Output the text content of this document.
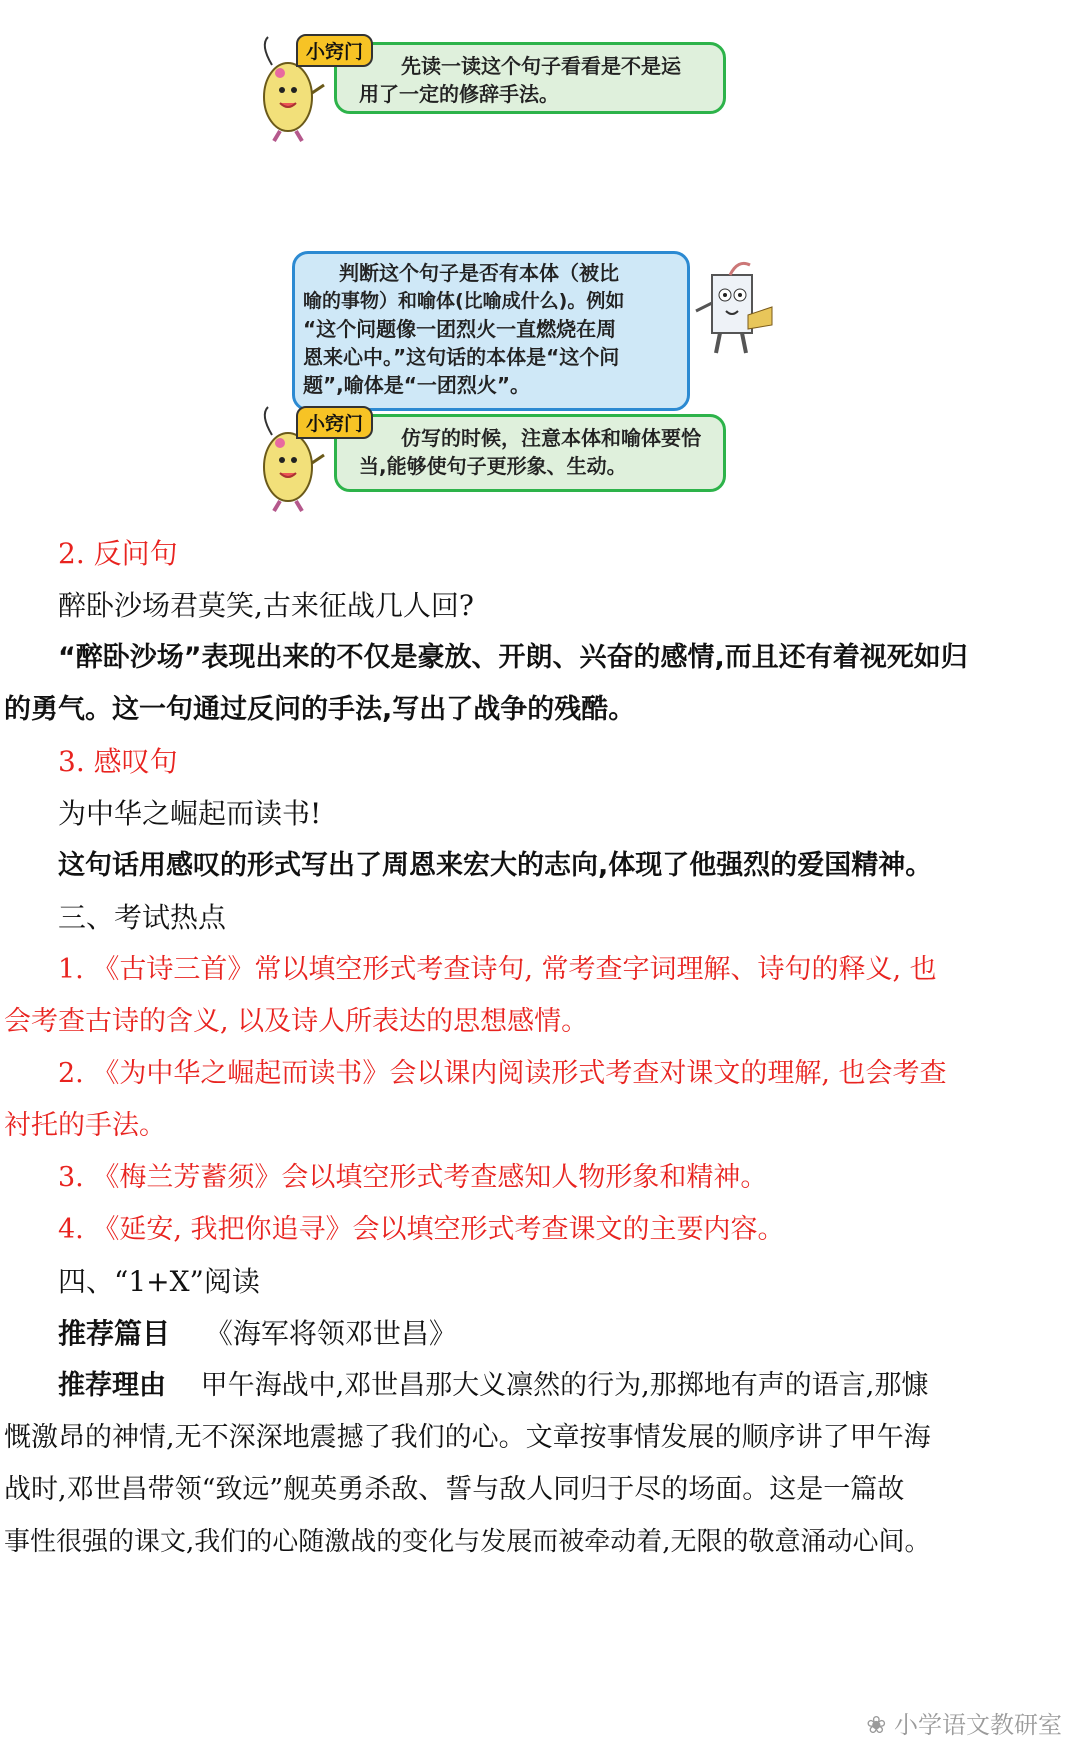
先读一读这个句子看看是不是运
用了一定的修辞手法。
小窍门
判断这个句子是否有本体（被比
喻的事物）和喻体(比喻成什么)。例如
“这个问题像一团烈火一直燃烧在周
恩来心中。”这句话的本体是“这个问
题”,喻体是“一团烈火”。
仿写的时候，注意本体和喻体要恰
当,能够使句子更形象、生动。
小窍门
2. 反问句
醉卧沙场君莫笑,古来征战几人回?
“醉卧沙场”表现出来的不仅是豪放、开朗、兴奋的感情,而且还有着视死如归
的勇气。这一句通过反问的手法,写出了战争的残酷。
3. 感叹句
为中华之崛起而读书!
这句话用感叹的形式写出了周恩来宏大的志向,体现了他强烈的爱国精神。
三、考试热点
1. 《古诗三首》常以填空形式考查诗句, 常考查字词理解、诗句的释义, 也
会考查古诗的含义, 以及诗人所表达的思想感情。
2. 《为中华之崛起而读书》会以课内阅读形式考查对课文的理解, 也会考查
衬托的手法。
3. 《梅兰芳蓄须》会以填空形式考查感知人物形象和精神。
4. 《延安, 我把你追寻》会以填空形式考查课文的主要内容。
四、“1+X”阅读
推荐篇目 《海军将领邓世昌》
推荐理由 甲午海战中,邓世昌那大义凛然的行为,那掷地有声的语言,那慷
慨激昂的神情,无不深深地震撼了我们的心。文章按事情发展的顺序讲了甲午海
战时,邓世昌带领“致远”舰英勇杀敌、誓与敌人同归于尽的场面。这是一篇故
事性很强的课文,我们的心随激战的变化与发展而被牵动着,无限的敬意涌动心间。
❀ 小学语文教研室
